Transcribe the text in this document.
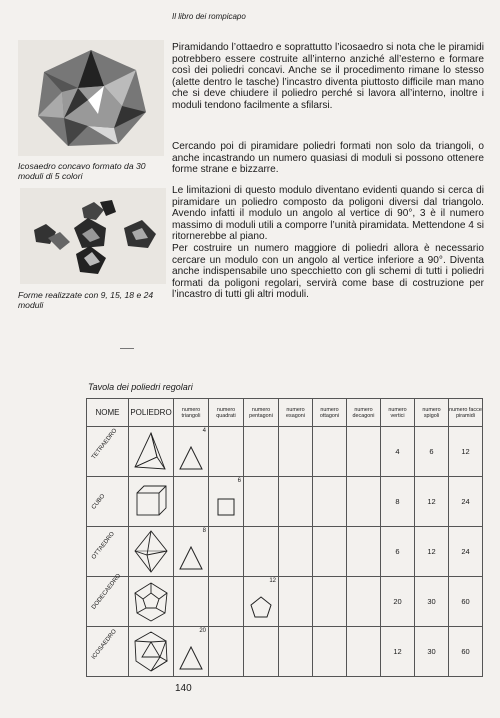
Il libro dei rompicapo
Icosaedro concavo formato da 30 moduli di 5 colori
Forme realizzate con 9, 15, 18 e 24 moduli

Piramidando l’ottaedro e soprattutto l’icosaedro si nota che le piramidi potrebbero essere costruite all’interno anziché all’esterno e formare così dei poliedri concavi. Anche se il procedimento rimane lo stesso (alette dentro le tasche) l’incastro diventa piuttosto difficile man mano che si deve chiudere il poliedro perché si lavora all’interno, inoltre i moduli tendono facilmente a sfilarsi.

Cercando poi di piramidare poliedri formati non solo da triangoli, o anche incastrando un numero quasiasi di moduli si possono ottenere forme strane e bizzarre.

Le limitazioni di questo modulo diventano evidenti quando si cerca di piramidare un poliedro composto da poligoni diversi dal triangolo. Avendo infatti il modulo un angolo al vertice di 90°, 3 è il numero massimo di moduli utili a comporre l’unità piramidata. Mettendone 4 si ritornerebbe al piano.

Per costruire un numero maggiore di poliedri allora è necessario cercare un modulo con un angolo al vertice inferiore a 90°. Diventa anche indispensabile uno specchietto con gli schemi di tutti i poliedri formati da poligoni regolari, servirà come base di costruzione per l’incastro di tutti gli altri moduli.

Tavola dei poliedri regolari
NOME	POLIEDRO	numero triangoli	numero quadrati	numero pentagoni	numero esagoni	numero ottagoni	numero decagoni	numero vertici	numero spigoli	numero facce piramidi

TETRAEDRO		4						4	6	12

CUBO			6					8	12	24

OTTAEDRO		8						6	12	24

DODECAEDRO				12				20	30	60

ICOSAEDRO		20						12	30	60
140
